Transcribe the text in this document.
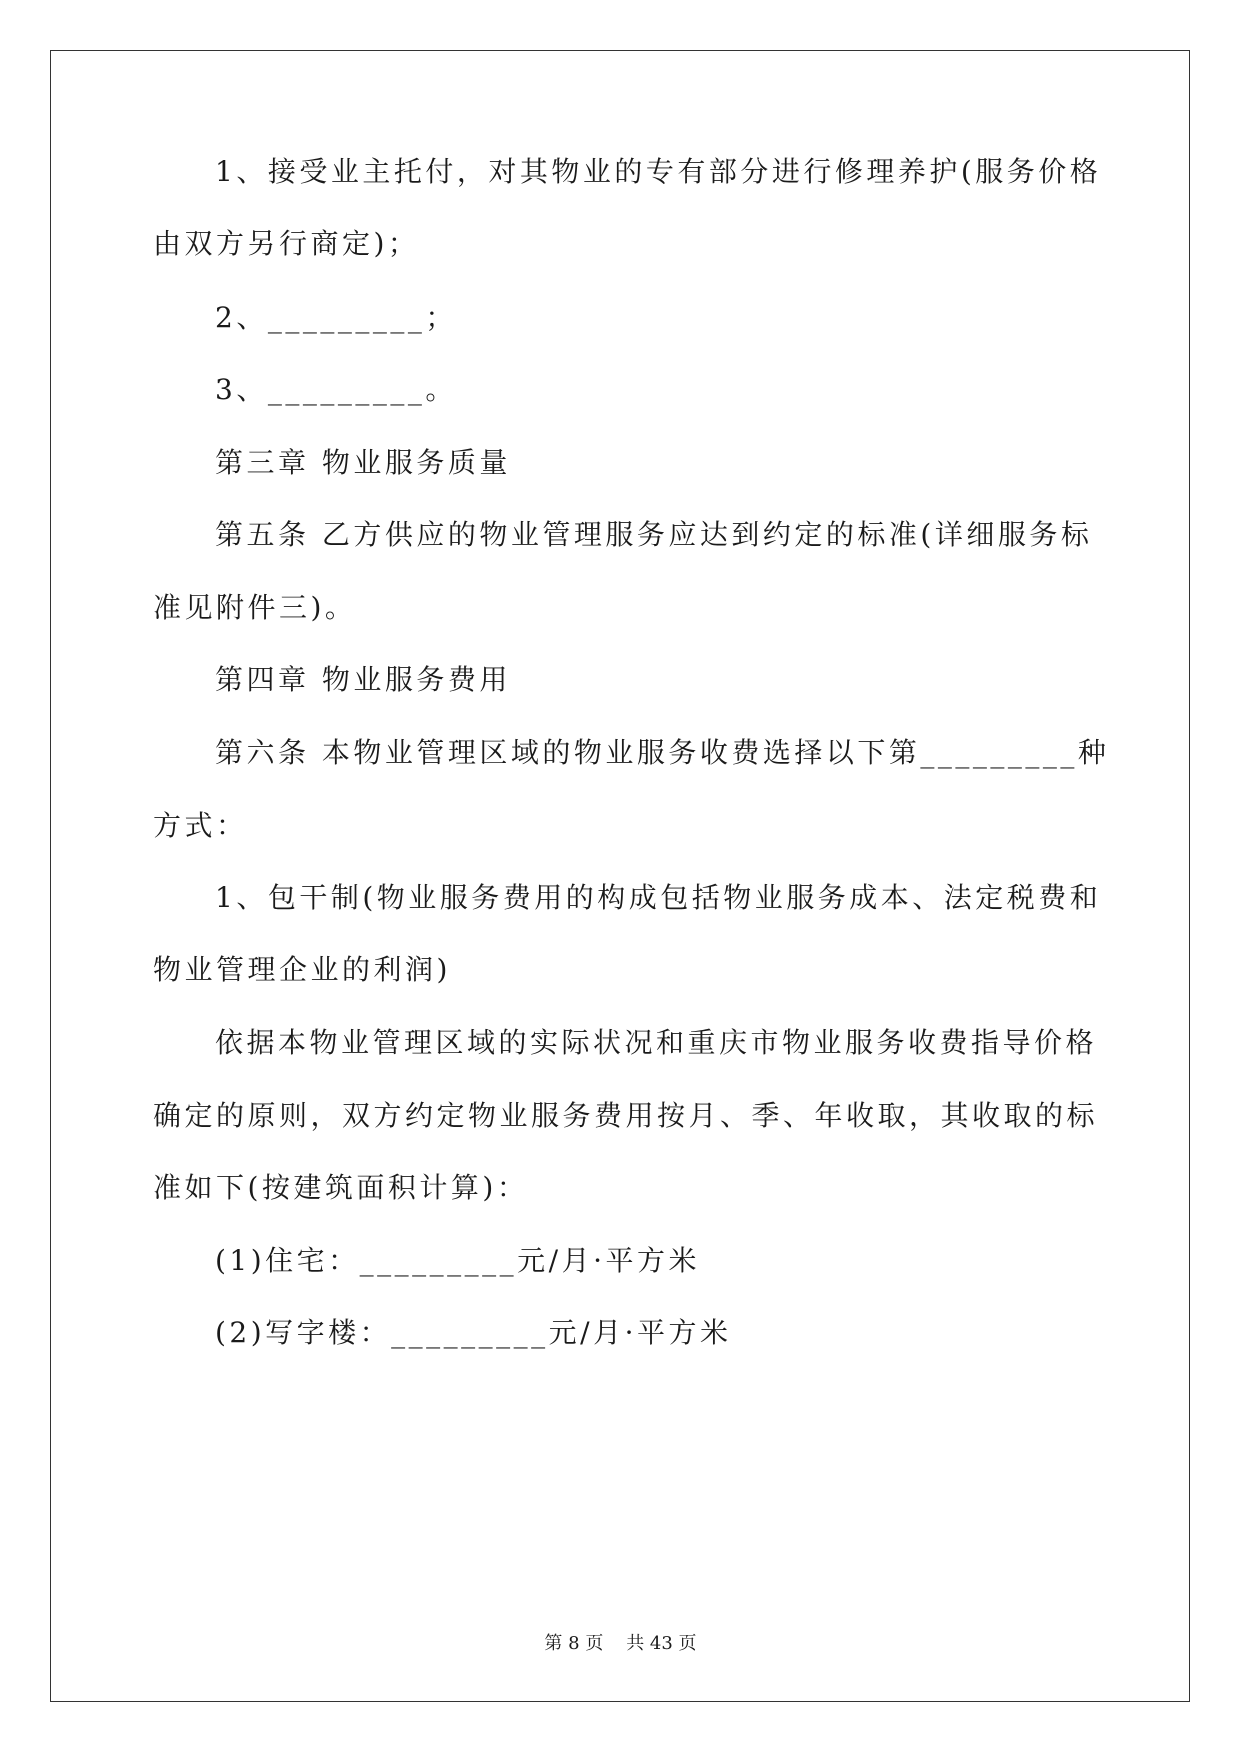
1、接受业主托付，对其物业的专有部分进行修理养护(服务价格
由双方另行商定)；
2、_________；
3、_________。
第三章 物业服务质量
第五条 乙方供应的物业管理服务应达到约定的标准(详细服务标
准见附件三)。
第四章 物业服务费用
第六条 本物业管理区域的物业服务收费选择以下第_________种
方式：
1、包干制(物业服务费用的构成包括物业服务成本、法定税费和
物业管理企业的利润)
依据本物业管理区域的实际状况和重庆市物业服务收费指导价格
确定的原则，双方约定物业服务费用按月、季、年收取，其收取的标
准如下(按建筑面积计算)：
(1)住宅：_________元/月·平方米
(2)写字楼：_________元/月·平方米
第 8 页    共 43 页
